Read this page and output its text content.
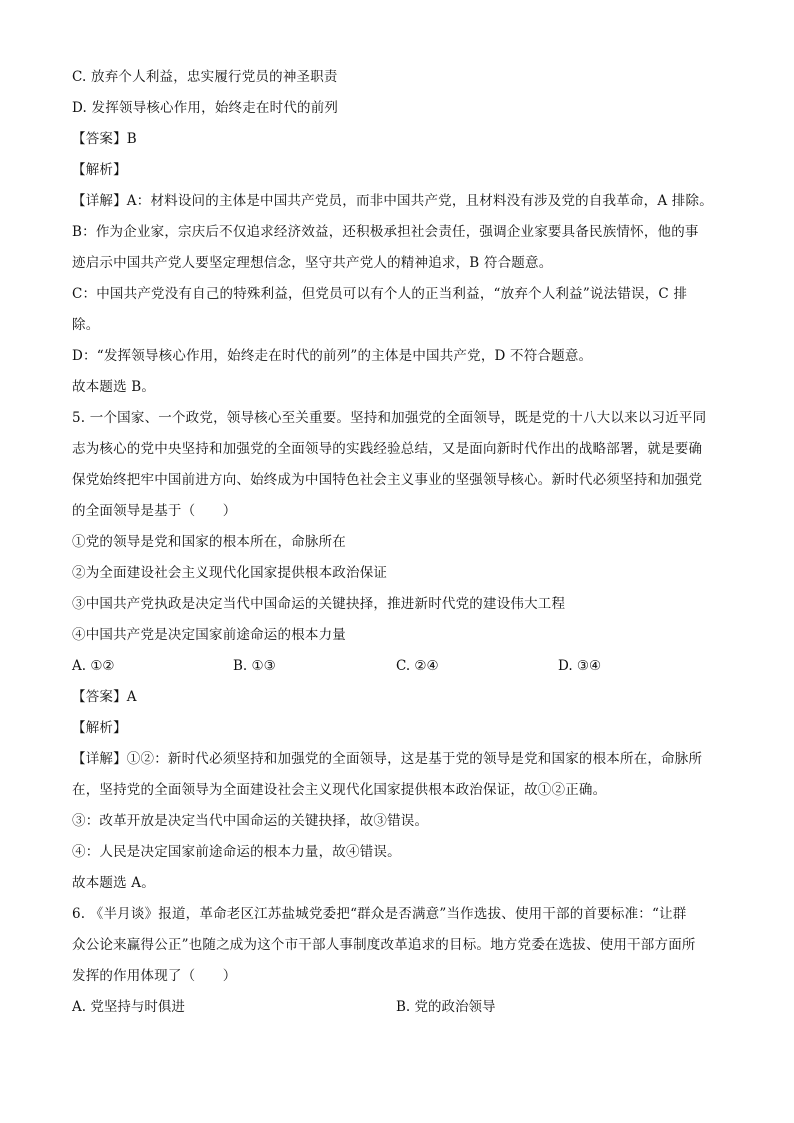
C. 放弃个人利益，忠实履行党员的神圣职责
D. 发挥领导核心作用，始终走在时代的前列
【答案】B
【解析】
【详解】A：材料设问的主体是中国共产党员，而非中国共产党，且材料没有涉及党的自我革命，A 排除。
B：作为企业家，宗庆后不仅追求经济效益，还积极承担社会责任，强调企业家要具备民族情怀，他的事
迹启示中国共产党人要坚定理想信念，坚守共产党人的精神追求，B 符合题意。
C：中国共产党没有自己的特殊利益，但党员可以有个人的正当利益，“放弃个人利益”说法错误，C 排
除。
D：“发挥领导核心作用，始终走在时代的前列”的主体是中国共产党，D 不符合题意。
故本题选 B。
5. 一个国家、一个政党，领导核心至关重要。坚持和加强党的全面领导，既是党的十八大以来以习近平同
志为核心的党中央坚持和加强党的全面领导的实践经验总结，又是面向新时代作出的战略部署，就是要确
保党始终把牢中国前进方向、始终成为中国特色社会主义事业的坚强领导核心。新时代必须坚持和加强党
的全面领导是基于（　　）
①党的领导是党和国家的根本所在，命脉所在
②为全面建设社会主义现代化国家提供根本政治保证
③中国共产党执政是决定当代中国命运的关键抉择，推进新时代党的建设伟大工程
④中国共产党是决定国家前途命运的根本力量
A. ①②	B. ①③	C. ②④	D. ③④
【答案】A
【解析】
【详解】①②：新时代必须坚持和加强党的全面领导，这是基于党的领导是党和国家的根本所在，命脉所
在，坚持党的全面领导为全面建设社会主义现代化国家提供根本政治保证，故①②正确。
③：改革开放是决定当代中国命运的关键抉择，故③错误。
④：人民是决定国家前途命运的根本力量，故④错误。
故本题选 A。
6. 《半月谈》报道，革命老区江苏盐城党委把“群众是否满意”当作选拔、使用干部的首要标准：“让群
众公论来赢得公正”也随之成为这个市干部人事制度改革追求的目标。地方党委在选拔、使用干部方面所
发挥的作用体现了（　　）
A. 党坚持与时俱进	B. 党的政治领导
